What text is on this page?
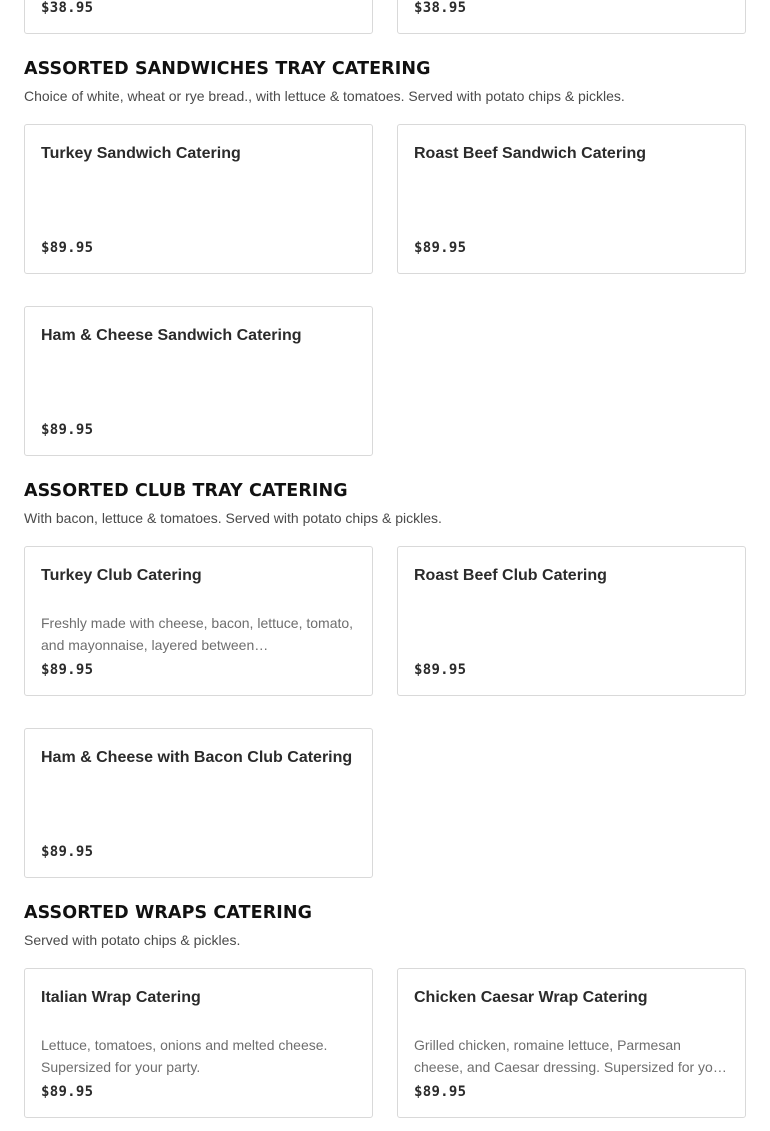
$38.95	$38.95
ASSORTED SANDWICHES TRAY CATERING
Choice of white, wheat or rye bread., with lettuce & tomatoes. Served with potato chips & pickles.
Turkey Sandwich Catering
$89.95
Roast Beef Sandwich Catering
$89.95
Ham & Cheese Sandwich Catering
$89.95
ASSORTED CLUB TRAY CATERING
With bacon, lettuce & tomatoes. Served with potato chips & pickles.
Turkey Club Catering
Freshly made with cheese, bacon, lettuce, tomato, and mayonnaise, layered between…
$89.95
Roast Beef Club Catering
$89.95
Ham & Cheese with Bacon Club Catering
$89.95
ASSORTED WRAPS CATERING
Served with potato chips & pickles.
Italian Wrap Catering
Lettuce, tomatoes, onions and melted cheese. Supersized for your party.
$89.95
Chicken Caesar Wrap Catering
Grilled chicken, romaine lettuce, Parmesan cheese, and Caesar dressing. Supersized for your
$89.95
